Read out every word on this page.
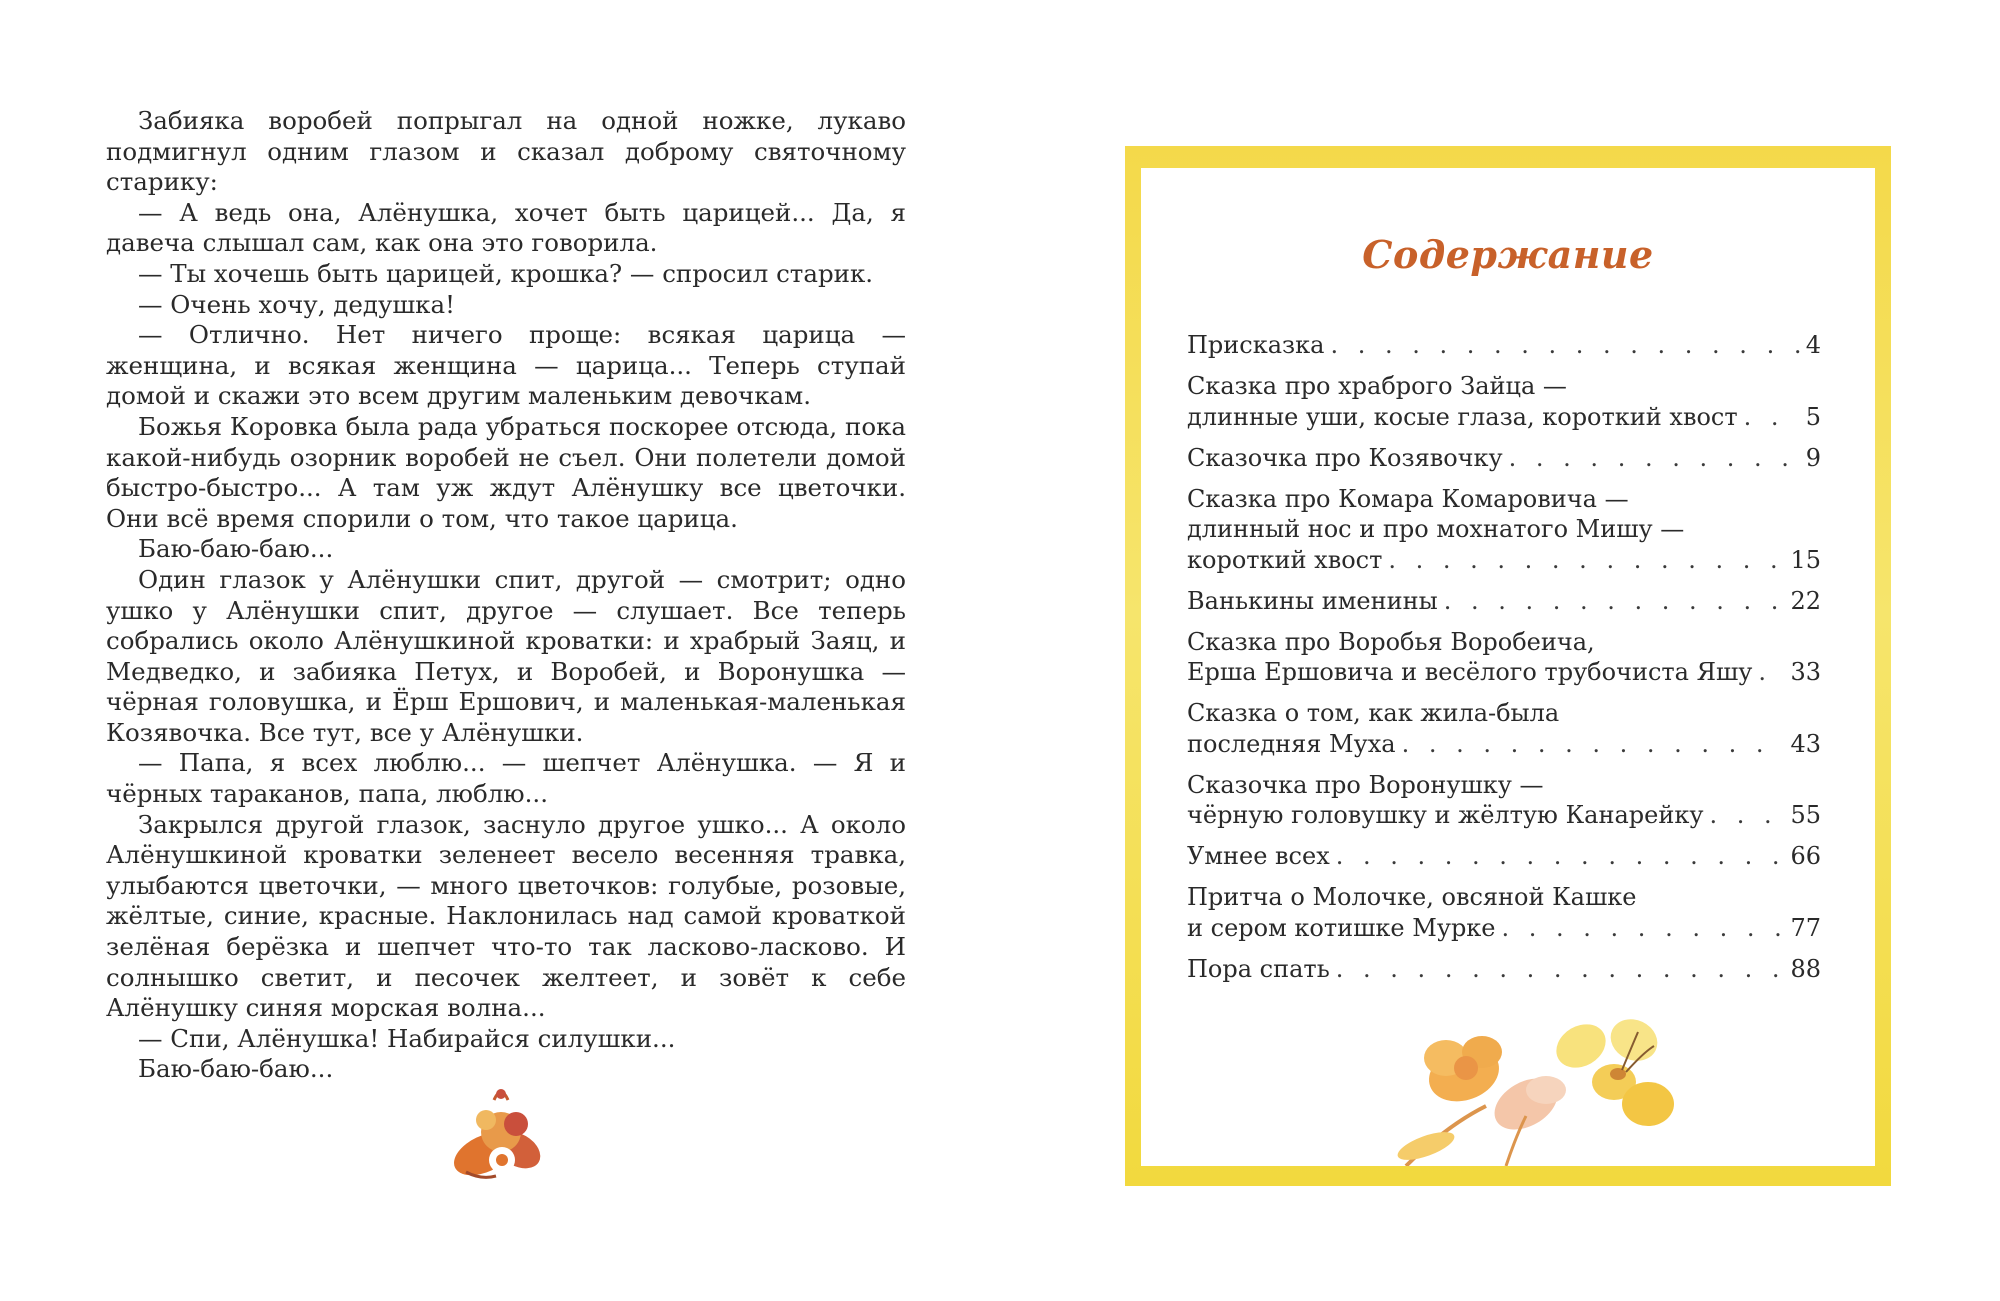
Забияка воробей попрыгал на одной ножке, лукаво подмигнул одним глазом и сказал доброму святочному старику:

— А ведь она, Алёнушка, хочет быть царицей... Да, я давеча слышал сам, как она это говорила.

— Ты хочешь быть царицей, крошка? — спросил старик.

— Очень хочу, дедушка!

— Отлично. Нет ничего проще: всякая царица — женщина, и всякая женщина — царица... Теперь ступай домой и скажи это всем другим маленьким девочкам.

Божья Коровка была рада убраться поскорее отсюда, пока какой-нибудь озорник воробей не съел. Они полетели домой быстро-быстро... А там уж ждут Алёнушку все цветочки. Они всё время спорили о том, что такое царица.

Баю-баю-баю...

Один глазок у Алёнушки спит, другой — смотрит; одно ушко у Алёнушки спит, другое — слушает. Все теперь собрались около Алёнушкиной кроватки: и храбрый Заяц, и Медведко, и забияка Петух, и Воробей, и Воронушка — чёрная головушка, и Ёрш Ершович, и маленькая-маленькая Козявочка. Все тут, все у Алёнушки.

— Папа, я всех люблю... — шепчет Алёнушка. — Я и чёрных тараканов, папа, люблю...

Закрылся другой глазок, заснуло другое ушко... А около Алёнушкиной кроватки зеленеет весело весенняя травка, улыбаются цветочки, — много цветочков: голубые, розовые, жёлтые, синие, красные. Наклонилась над самой кроваткой зелёная берёзка и шепчет что-то так ласково-ласково. И солнышко светит, и песочек желтеет, и зовёт к себе Алёнушку синяя морская волна...

— Спи, Алёнушка! Набирайся силушки...

Баю-баю-баю...

Содержание
Присказка . . .	4
Сказка про храброго Зайца —
длинные уши, косые глаза, короткий хвост . . .	5
Сказочка про Козявочку . . .	9
Сказка про Комара Комаровича —
длинный нос и про мохнатого Мишу —
короткий хвост . . .	15
Ванькины именины . . .	22
Сказка про Воробья Воробеича,
Ерша Ершовича и весёлого трубочиста Яшу . . . 33
Сказка о том, как жила-была
последняя Муха . . .	43
Сказочка про Воронушку —
чёрную головушку и жёлтую Канарейку . . .	55
Умнее всех . . .	66
Притча о Молочке, овсяной Кашке
и сером котишке Мурке . . .	77
Пора спать . . .	88
